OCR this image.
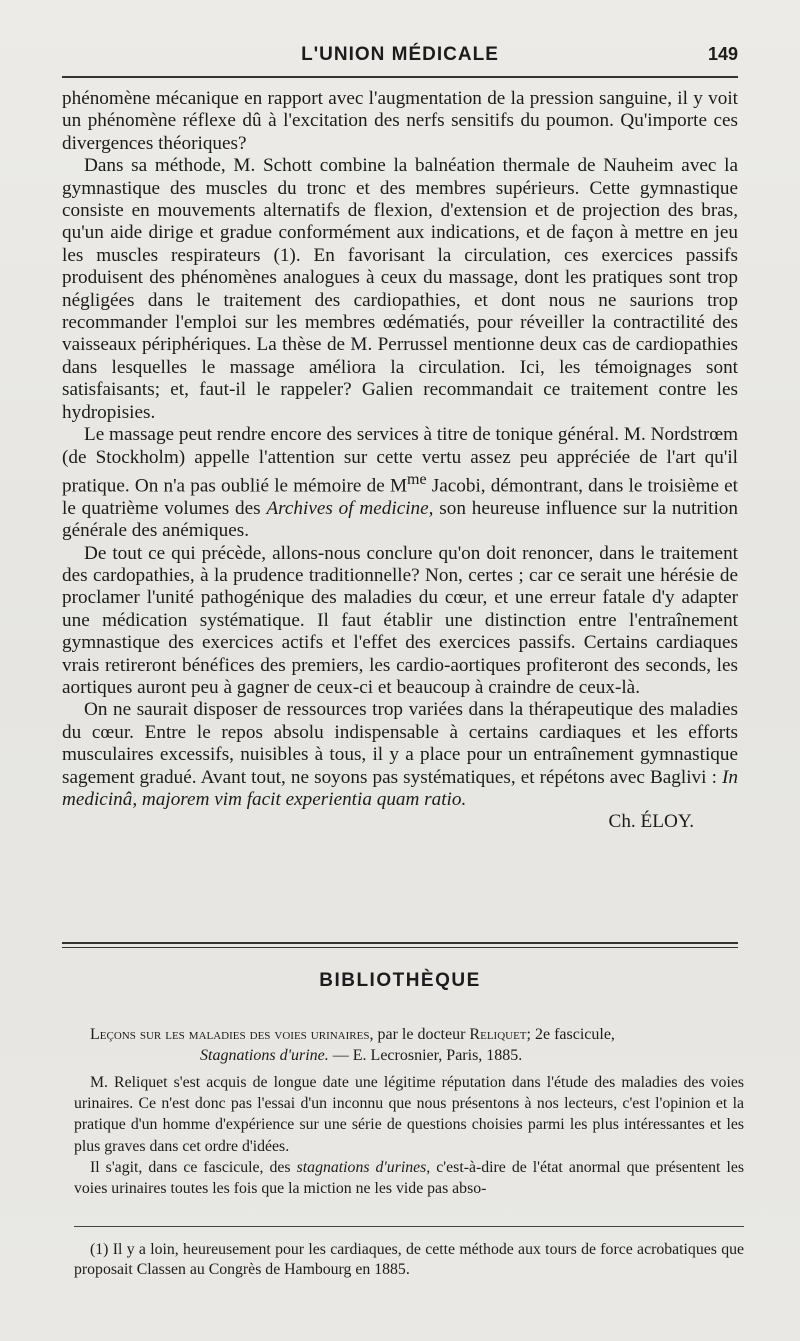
L'UNION MÉDICALE	149

phénomène mécanique en rapport avec l'augmentation de la pression sanguine, il y voit un phénomène réflexe dû à l'excitation des nerfs sensitifs du poumon. Qu'importe ces divergences théoriques?

Dans sa méthode, M. Schott combine la balnéation thermale de Nauheim avec la gymnastique des muscles du tronc et des membres supérieurs. Cette gymnastique consiste en mouvements alternatifs de flexion, d'extension et de projection des bras, qu'un aide dirige et gradue conformément aux indications, et de façon à mettre en jeu les muscles respirateurs (1). En favorisant la circulation, ces exercices passifs produisent des phénomènes analogues à ceux du massage, dont les pratiques sont trop négligées dans le traitement des cardiopathies, et dont nous ne saurions trop recommander l'emploi sur les membres œdématiés, pour réveiller la contractilité des vaisseaux périphériques. La thèse de M. Perrussel mentionne deux cas de cardiopathies dans lesquelles le massage améliora la circulation. Ici, les témoignages sont satisfaisants; et, faut-il le rappeler? Galien recommandait ce traitement contre les hydropisies.

Le massage peut rendre encore des services à titre de tonique général. M. Nordstrœm (de Stockholm) appelle l'attention sur cette vertu assez peu appréciée de l'art qu'il pratique. On n'a pas oublié le mémoire de $M^{me}$ Jacobi, démontrant, dans le troisième et le quatrième volumes des Archives of medicine, son heureuse influence sur la nutrition générale des anémiques.

De tout ce qui précède, allons-nous conclure qu'on doit renoncer, dans le traitement des cardopathies, à la prudence traditionnelle? Non, certes ; car ce serait une hérésie de proclamer l'unité pathogénique des maladies du cœur, et une erreur fatale d'y adapter une médication systématique. Il faut établir une distinction entre l'entraînement gymnastique des exercices actifs et l'effet des exercices passifs. Certains cardiaques vrais retireront bénéfices des premiers, les cardio-aortiques profiteront des seconds, les aortiques auront peu à gagner de ceux-ci et beaucoup à craindre de ceux-là.

On ne saurait disposer de ressources trop variées dans la thérapeutique des maladies du cœur. Entre le repos absolu indispensable à certains cardiaques et les efforts musculaires excessifs, nuisibles à tous, il y a place pour un entraînement gymnastique sagement gradué. Avant tout, ne soyons pas systématiques, et répétons avec Baglivi : In medicinâ, majorem vim facit experientia quam ratio.

Ch. ÉLOY.
BIBLIOTHÈQUE
Leçons sur les maladies des voies urinaires, par le docteur Reliquet; 2e fascicule,
Stagnations d'urine. — E. Lecrosnier, Paris, 1885.

M. Reliquet s'est acquis de longue date une légitime réputation dans l'étude des maladies des voies urinaires. Ce n'est donc pas l'essai d'un inconnu que nous présentons à nos lecteurs, c'est l'opinion et la pratique d'un homme d'expérience sur une série de questions choisies parmi les plus intéressantes et les plus graves dans cet ordre d'idées.

Il s'agit, dans ce fascicule, des stagnations d'urines, c'est-à-dire de l'état anormal que présentent les voies urinaires toutes les fois que la miction ne les vide pas abso-

(1) Il y a loin, heureusement pour les cardiaques, de cette méthode aux tours de force acrobatiques que proposait Classen au Congrès de Hambourg en 1885.
